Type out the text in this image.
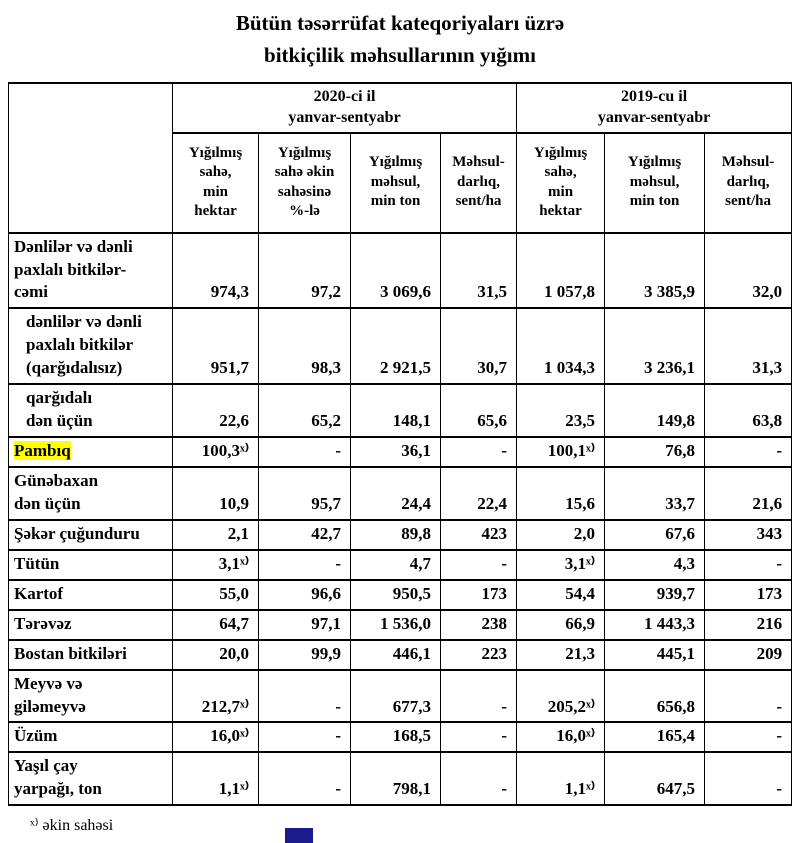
Bütün təsərrüfat kateqoriyaları üzrə
bitkiçilik məhsullarının yığımı
	2020-ci il
yanvar-sentyabr				2019-cu il
yanvar-sentyabr		
	Yığılmış
sahə,
min
hektar	Yığılmış
sahə əkin
sahəsinə
%-lə	Yığılmış
məhsul,
min ton	Məhsul-
darlıq,
sent/ha	Yığılmış
sahə,
min
hektar	Yığılmış
məhsul,
min ton	Məhsul-
darlıq,
sent/ha
Dənlilər və dənli
paxlalı bitkilər-
cəmi	974,3	97,2	3 069,6	31,5	1 057,8	3 385,9	32,0
dənlilər və dənli
paxlalı bitkilər
(qarğıdalısız)	951,7	98,3	2 921,5	30,7	1 034,3	3 236,1	31,3
qarğıdalı
dən üçün	22,6	65,2	148,1	65,6	23,5	149,8	63,8
Pambıq	100,3ˣ⁾	-	36,1	-	100,1ˣ⁾	76,8	-
Günəbaxan
dən üçün	10,9	95,7	24,4	22,4	15,6	33,7	21,6
Şəkər çuğunduru	2,1	42,7	89,8	423	2,0	67,6	343
Tütün	3,1ˣ⁾	-	4,7	-	3,1ˣ⁾	4,3	-
Kartof	55,0	96,6	950,5	173	54,4	939,7	173
Tərəvəz	64,7	97,1	1 536,0	238	66,9	1 443,3	216
Bostan bitkiləri	20,0	99,9	446,1	223	21,3	445,1	209
Meyvə və
giləmeyvə	212,7ˣ⁾	-	677,3	-	205,2ˣ⁾	656,8	-
Üzüm	16,0ˣ⁾	-	168,5	-	16,0ˣ⁾	165,4	-
Yaşıl çay
yarpağı, ton	1,1ˣ⁾	-	798,1	-	1,1ˣ⁾	647,5	-
ˣ⁾ əkin sahəsi
